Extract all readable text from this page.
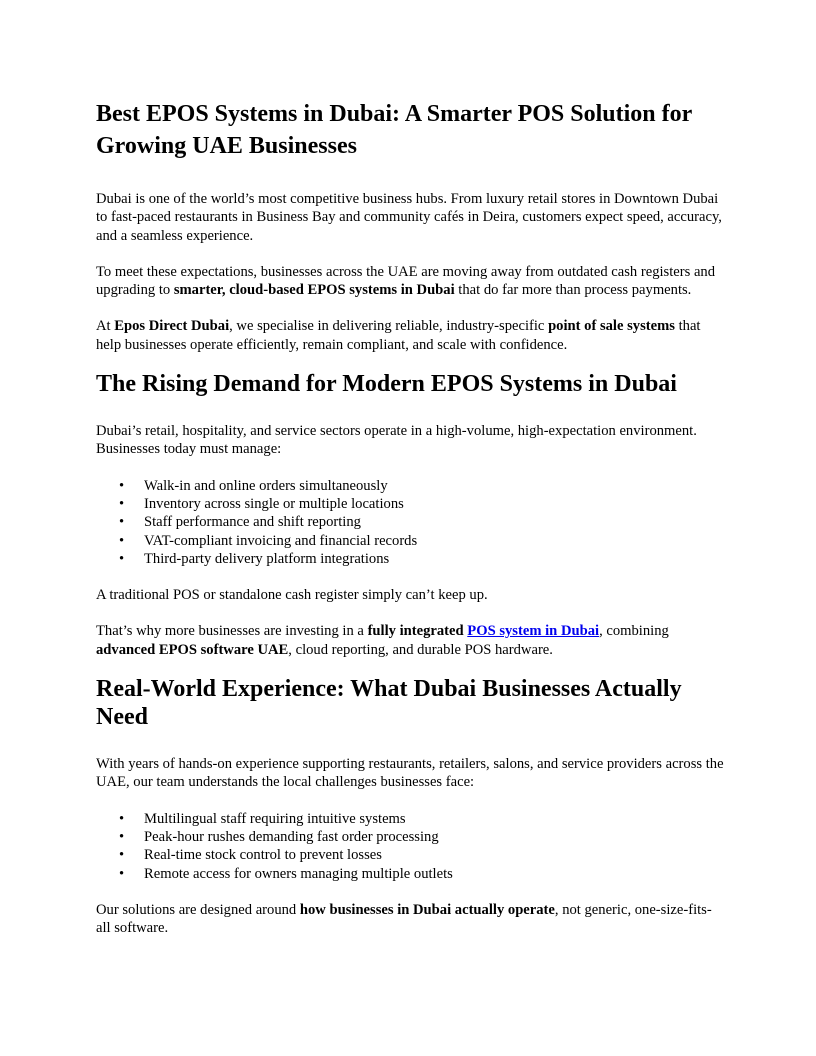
Best EPOS Systems in Dubai: A Smarter POS Solution for Growing UAE Businesses

Dubai is one of the world’s most competitive business hubs. From luxury retail stores in Downtown Dubai to fast-paced restaurants in Business Bay and community cafés in Deira, customers expect speed, accuracy, and a seamless experience.

To meet these expectations, businesses across the UAE are moving away from outdated cash registers and upgrading to smarter, cloud-based EPOS systems in Dubai that do far more than process payments.

At Epos Direct Dubai, we specialise in delivering reliable, industry-specific point of sale systems that help businesses operate efficiently, remain compliant, and scale with confidence.

The Rising Demand for Modern EPOS Systems in Dubai

Dubai’s retail, hospitality, and service sectors operate in a high-volume, high-expectation environment. Businesses today must manage:

• Walk-in and online orders simultaneously
• Inventory across single or multiple locations
• Staff performance and shift reporting
• VAT-compliant invoicing and financial records
• Third-party delivery platform integrations

A traditional POS or standalone cash register simply can’t keep up.

That’s why more businesses are investing in a fully integrated POS system in Dubai, combining advanced EPOS software UAE, cloud reporting, and durable POS hardware.

Real-World Experience: What Dubai Businesses Actually Need

With years of hands-on experience supporting restaurants, retailers, salons, and service providers across the UAE, our team understands the local challenges businesses face:

• Multilingual staff requiring intuitive systems
• Peak-hour rushes demanding fast order processing
• Real-time stock control to prevent losses
• Remote access for owners managing multiple outlets

Our solutions are designed around how businesses in Dubai actually operate, not generic, one-size-fits-all software.
